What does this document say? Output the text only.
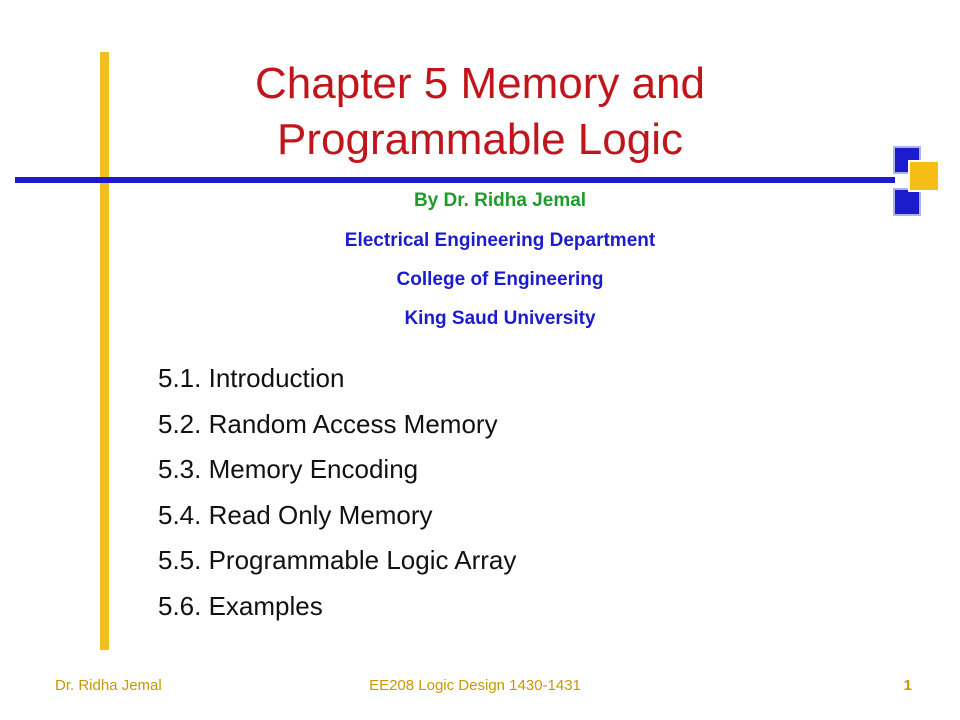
Chapter 5 Memory and
Programmable Logic
By Dr. Ridha Jemal
Electrical Engineering Department
College of Engineering
King Saud University
5.1. Introduction
5.2. Random Access Memory
5.3. Memory Encoding
5.4. Read Only Memory
5.5. Programmable Logic Array
5.6. Examples
Dr. Ridha Jemal	EE208 Logic Design 1430-1431	1
